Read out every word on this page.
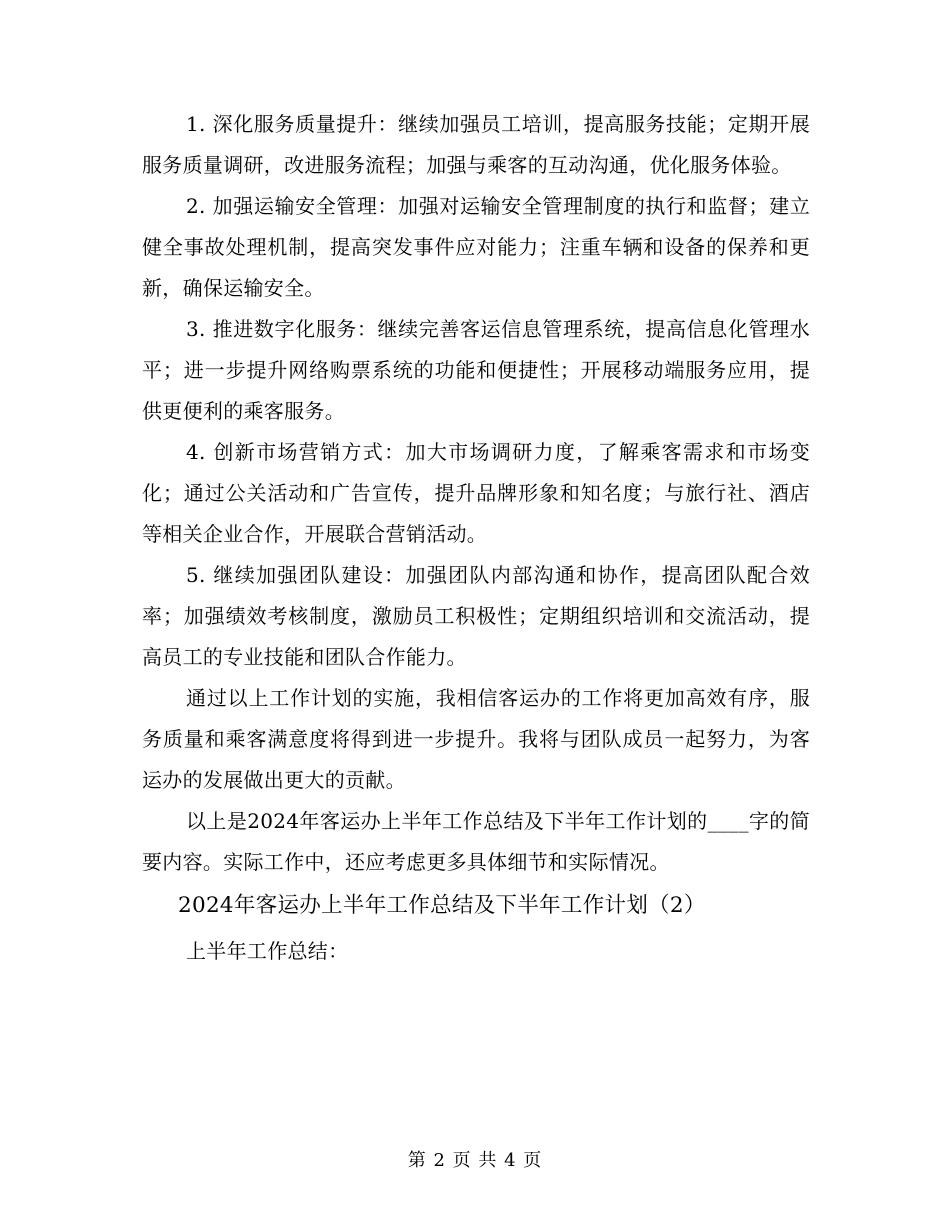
1. 深化服务质量提升：继续加强员工培训，提高服务技能；定期开展服务质量调研，改进服务流程；加强与乘客的互动沟通，优化服务体验。

2. 加强运输安全管理：加强对运输安全管理制度的执行和监督；建立健全事故处理机制，提高突发事件应对能力；注重车辆和设备的保养和更新，确保运输安全。

3. 推进数字化服务：继续完善客运信息管理系统，提高信息化管理水平；进一步提升网络购票系统的功能和便捷性；开展移动端服务应用，提供更便利的乘客服务。

4. 创新市场营销方式：加大市场调研力度，了解乘客需求和市场变化；通过公关活动和广告宣传，提升品牌形象和知名度；与旅行社、酒店等相关企业合作，开展联合营销活动。

5. 继续加强团队建设：加强团队内部沟通和协作，提高团队配合效率；加强绩效考核制度，激励员工积极性；定期组织培训和交流活动，提高员工的专业技能和团队合作能力。

通过以上工作计划的实施，我相信客运办的工作将更加高效有序，服务质量和乘客满意度将得到进一步提升。我将与团队成员一起努力，为客运办的发展做出更大的贡献。

以上是2024年客运办上半年工作总结及下半年工作计划的____字的简要内容。实际工作中，还应考虑更多具体细节和实际情况。

2024年客运办上半年工作总结及下半年工作计划（2）

上半年工作总结：

第 2 页 共 4 页
